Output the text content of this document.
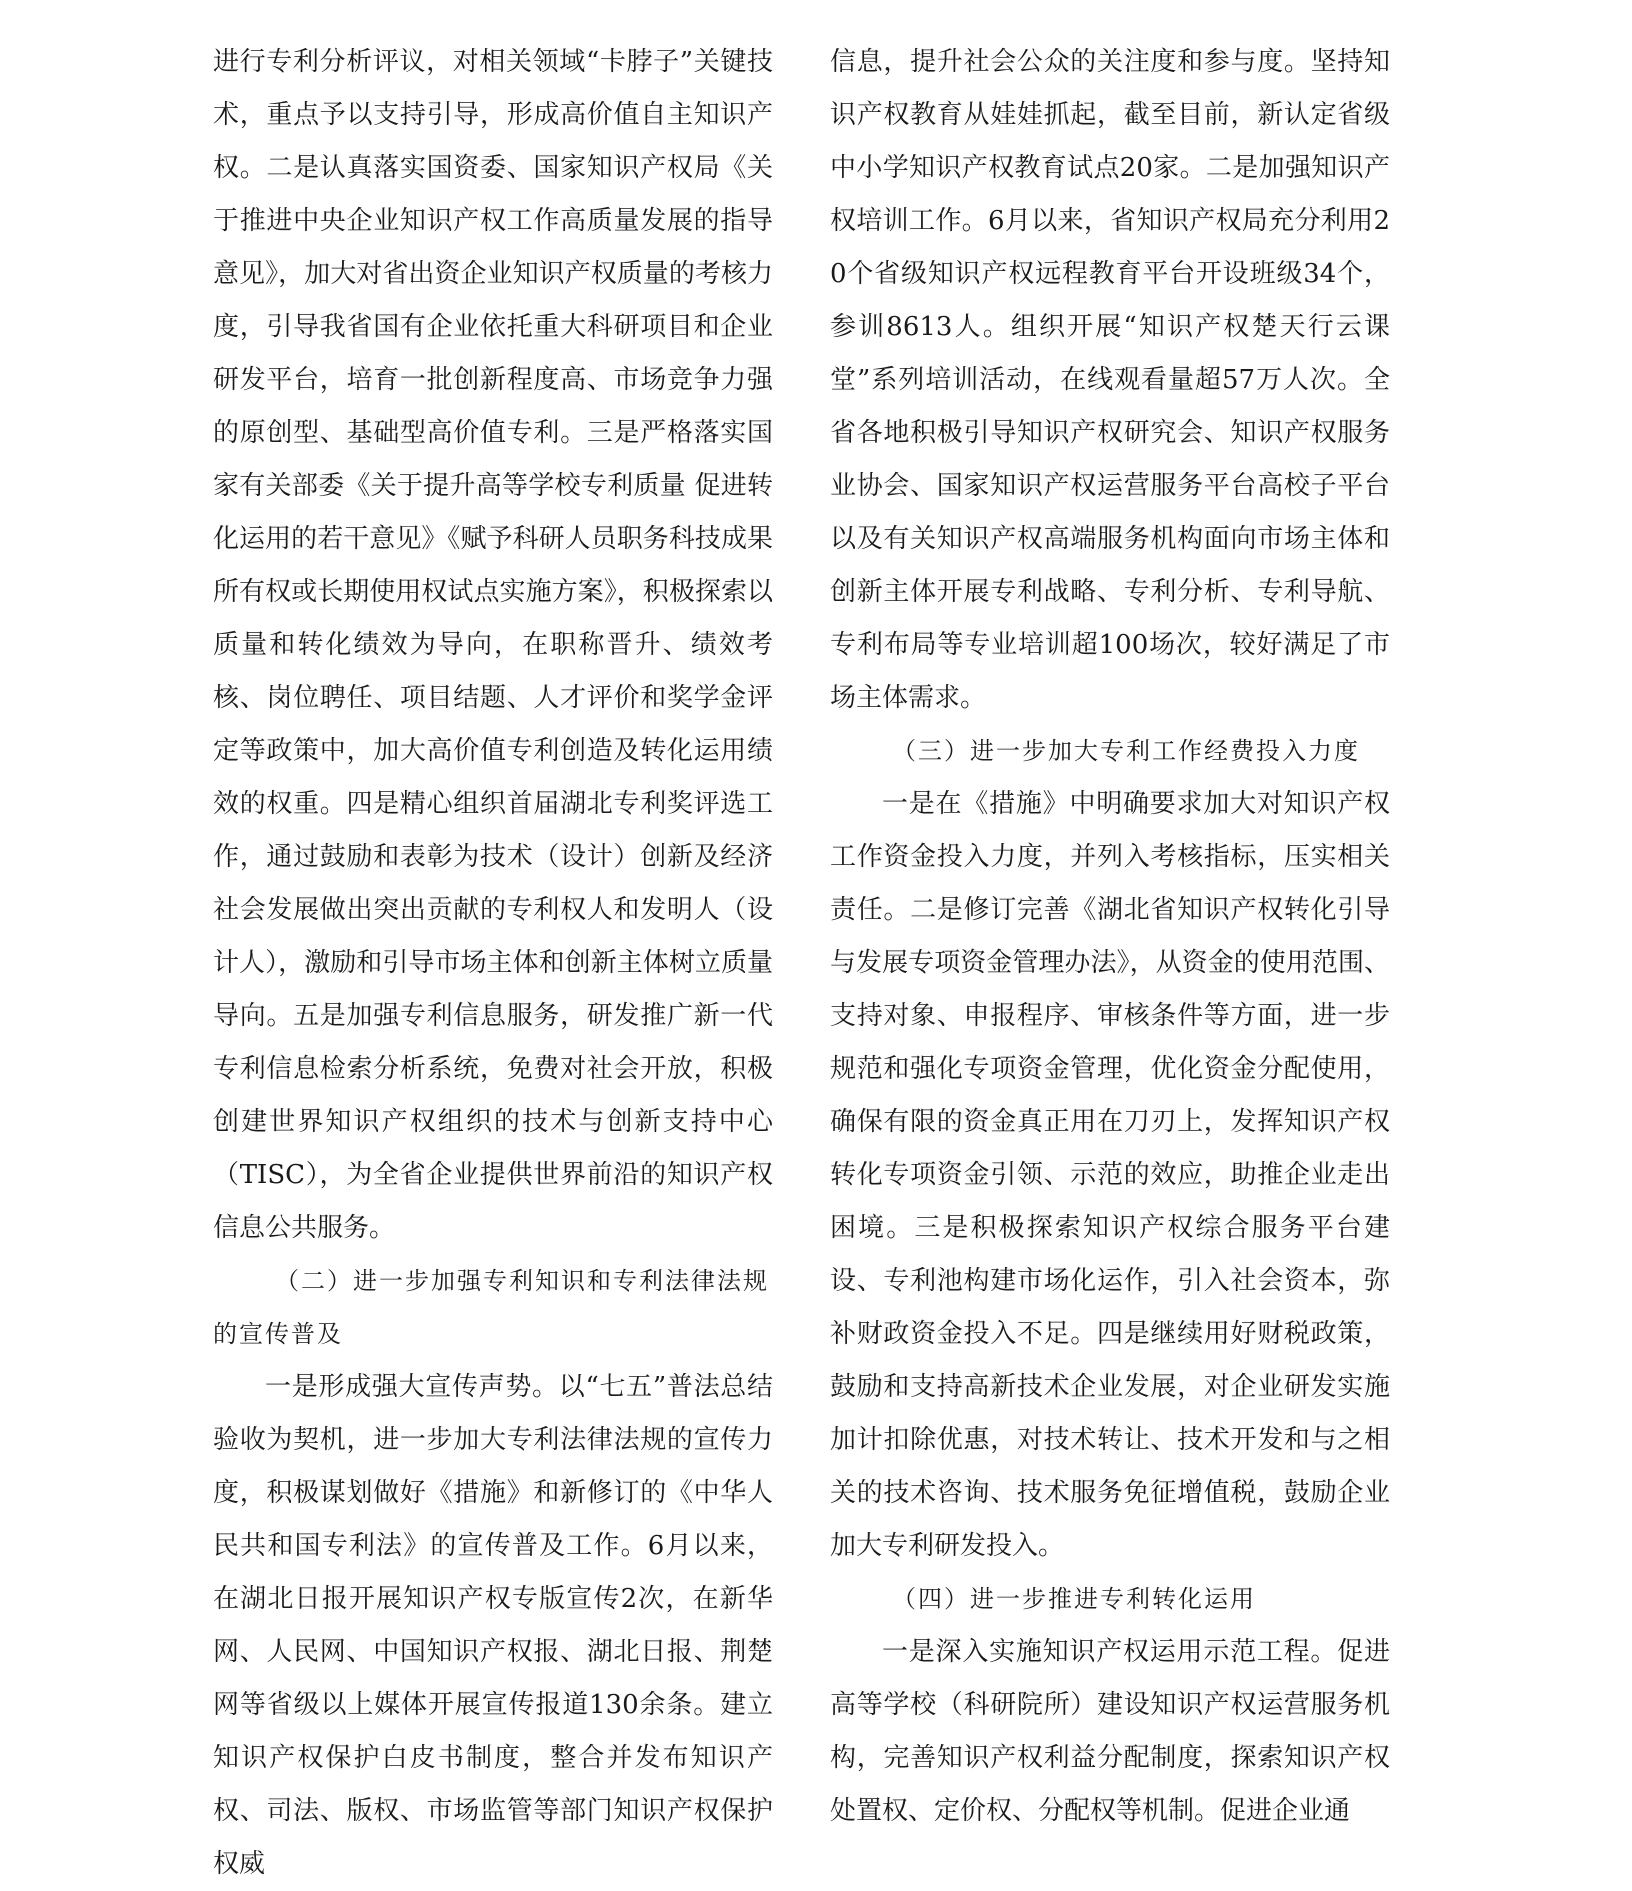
进行专利分析评议，对相关领域“卡脖子”关键技术，重点予以支持引导，形成高价值自主知识产权。二是认真落实国资委、国家知识产权局《关于推进中央企业知识产权工作高质量发展的指导意见》，加大对省出资企业知识产权质量的考核力度，引导我省国有企业依托重大科研项目和企业研发平台，培育一批创新程度高、市场竞争力强的原创型、基础型高价值专利。三是严格落实国家有关部委《关于提升高等学校专利质量 促进转化运用的若干意见》《赋予科研人员职务科技成果所有权或长期使用权试点实施方案》，积极探索以质量和转化绩效为导向，在职称晋升、绩效考核、岗位聘任、项目结题、人才评价和奖学金评定等政策中，加大高价值专利创造及转化运用绩效的权重。四是精心组织首届湖北专利奖评选工作，通过鼓励和表彰为技术（设计）创新及经济社会发展做出突出贡献的专利权人和发明人（设计人），激励和引导市场主体和创新主体树立质量导向。五是加强专利信息服务，研发推广新一代专利信息检索分析系统，免费对社会开放，积极创建世界知识产权组织的技术与创新支持中心（TISC），为全省企业提供世界前沿的知识产权信息公共服务。

（二）进一步加强专利知识和专利法律法规的宣传普及

一是形成强大宣传声势。以“七五”普法总结验收为契机，进一步加大专利法律法规的宣传力度，积极谋划做好《措施》和新修订的《中华人民共和国专利法》的宣传普及工作。6月以来，在湖北日报开展知识产权专版宣传2次，在新华网、人民网、中国知识产权报、湖北日报、荆楚网等省级以上媒体开展宣传报道130余条。建立知识产权保护白皮书制度，整合并发布知识产权、司法、版权、市场监管等部门知识产权保护权威

信息，提升社会公众的关注度和参与度。坚持知识产权教育从娃娃抓起，截至目前，新认定省级中小学知识产权教育试点20家。二是加强知识产权培训工作。6月以来，省知识产权局充分利用20个省级知识产权远程教育平台开设班级34个，参训8613人。组织开展“知识产权楚天行云课堂”系列培训活动，在线观看量超57万人次。全省各地积极引导知识产权研究会、知识产权服务业协会、国家知识产权运营服务平台高校子平台以及有关知识产权高端服务机构面向市场主体和创新主体开展专利战略、专利分析、专利导航、专利布局等专业培训超100场次，较好满足了市场主体需求。

（三）进一步加大专利工作经费投入力度

一是在《措施》中明确要求加大对知识产权工作资金投入力度，并列入考核指标，压实相关责任。二是修订完善《湖北省知识产权转化引导与发展专项资金管理办法》，从资金的使用范围、支持对象、申报程序、审核条件等方面，进一步规范和强化专项资金管理，优化资金分配使用，确保有限的资金真正用在刀刃上，发挥知识产权转化专项资金引领、示范的效应，助推企业走出困境。三是积极探索知识产权综合服务平台建设、专利池构建市场化运作，引入社会资本，弥补财政资金投入不足。四是继续用好财税政策，鼓励和支持高新技术企业发展，对企业研发实施加计扣除优惠，对技术转让、技术开发和与之相关的技术咨询、技术服务免征增值税，鼓励企业加大专利研发投入。

（四）进一步推进专利转化运用

一是深入实施知识产权运用示范工程。促进高等学校（科研院所）建设知识产权运营服务机构，完善知识产权利益分配制度，探索知识产权处置权、定价权、分配权等机制。促进企业通
